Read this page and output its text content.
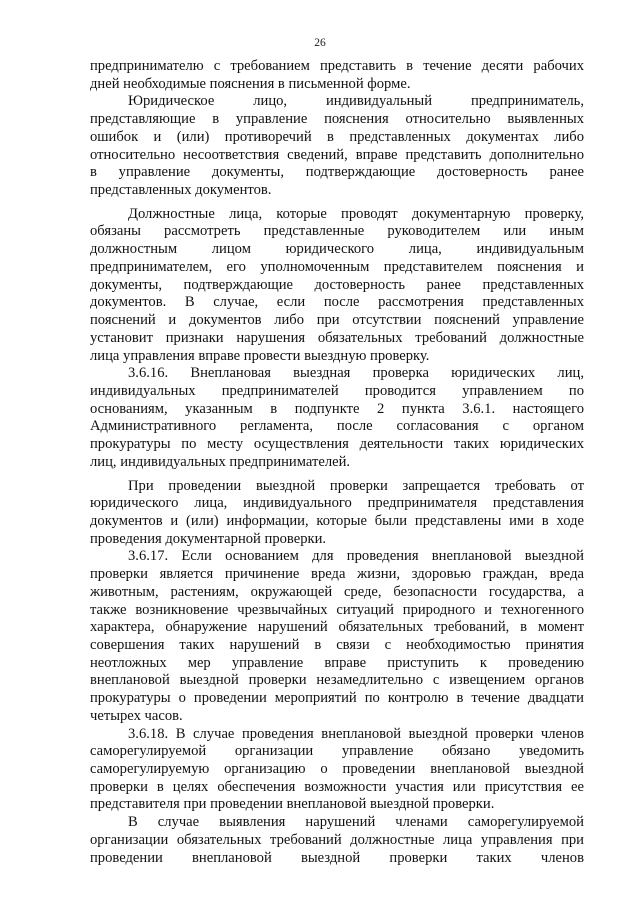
26
предпринимателю с требованием представить в течение десяти рабочих
дней необходимые пояснения в письменной форме.
Юридическое лицо, индивидуальный предприниматель,
представляющие в управление пояснения относительно выявленных
ошибок и (или) противоречий в представленных документах либо
относительно несоответствия сведений, вправе представить дополнительно
в управление документы, подтверждающие достоверность ранее
представленных документов.
Должностные лица, которые проводят документарную проверку,
обязаны рассмотреть представленные руководителем или иным
должностным лицом юридического лица, индивидуальным
предпринимателем, его уполномоченным представителем пояснения и
документы, подтверждающие достоверность ранее представленных
документов. В случае, если после рассмотрения представленных
пояснений и документов либо при отсутствии пояснений управление
установит признаки нарушения обязательных требований должностные
лица управления вправе провести выездную проверку.
3.6.16. Внеплановая выездная проверка юридических лиц,
индивидуальных предпринимателей проводится управлением по
основаниям, указанным в подпункте 2 пункта 3.6.1. настоящего
Административного регламента, после согласования с органом
прокуратуры по месту осуществления деятельности таких юридических
лиц, индивидуальных предпринимателей.
При проведении выездной проверки запрещается требовать от
юридического лица, индивидуального предпринимателя представления
документов и (или) информации, которые были представлены ими в ходе
проведения документарной проверки.
3.6.17. Если основанием для проведения внеплановой выездной
проверки является причинение вреда жизни, здоровью граждан, вреда
животным, растениям, окружающей среде, безопасности государства, а
также возникновение чрезвычайных ситуаций природного и техногенного
характера, обнаружение нарушений обязательных требований, в момент
совершения таких нарушений в связи с необходимостью принятия
неотложных мер управление вправе приступить к проведению
внеплановой выездной проверки незамедлительно с извещением органов
прокуратуры о проведении мероприятий по контролю в течение двадцати
четырех часов.
3.6.18. В случае проведения внеплановой выездной проверки членов
саморегулируемой организации управление обязано уведомить
саморегулируемую организацию о проведении внеплановой выездной
проверки в целях обеспечения возможности участия или присутствия ее
представителя при проведении внеплановой выездной проверки.
В случае выявления нарушений членами саморегулируемой
организации обязательных требований должностные лица управления при
проведении внеплановой выездной проверки таких членов
